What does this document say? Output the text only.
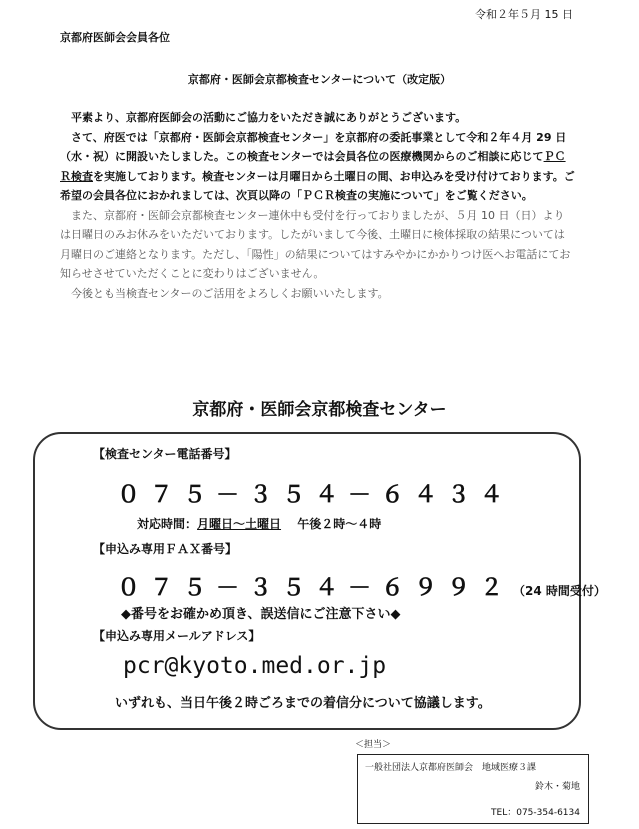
令和２年５月 15 日
京都府医師会会員各位
京都府・医師会京都検査センターについて（改定版）

平素より、京都府医師会の活動にご協力をいただき誠にありがとうございます。

さて、府医では「京都府・医師会京都検査センター」を京都府の委託事業として令和２年４月 29 日（水・祝）に開設いたしました。この検査センターでは会員各位の医療機関からのご相談に応じてＰＣＲ検査を実施しております。検査センターは月曜日から土曜日の間、お申込みを受け付けております。ご希望の会員各位におかれましては、次頁以降の「ＰＣＲ検査の実施について」をご覧ください。

また、京都府・医師会京都検査センター連休中も受付を行っておりましたが、５月 10 日（日）よりは日曜日のみお休みをいただいております。したがいまして今後、土曜日に検体採取の結果については月曜日のご連絡となります。ただし、「陽性」の結果についてはすみやかにかかりつけ医へお電話にてお知らせさせていただくことに変わりはございません。

今後とも当検査センターのご活用をよろしくお願いいたします。

京都府・医師会京都検査センター
【検査センター電話番号】
０７５－３５４－６４３４
対応時間：月曜日～土曜日　 午後２時～４時
【申込み専用ＦＡＸ番号】
０７５－３５４－６９９２（24 時間受付）
◆番号をお確かめ頂き、誤送信にご注意下さい◆
【申込み専用メールアドレス】
pcr@kyoto.med.or.jp
いずれも、当日午後２時ごろまでの着信分について協議します。
＜担当＞
一般社団法人京都府医師会　地域医療３課
鈴木・菊地
TEL：075-354-6134
